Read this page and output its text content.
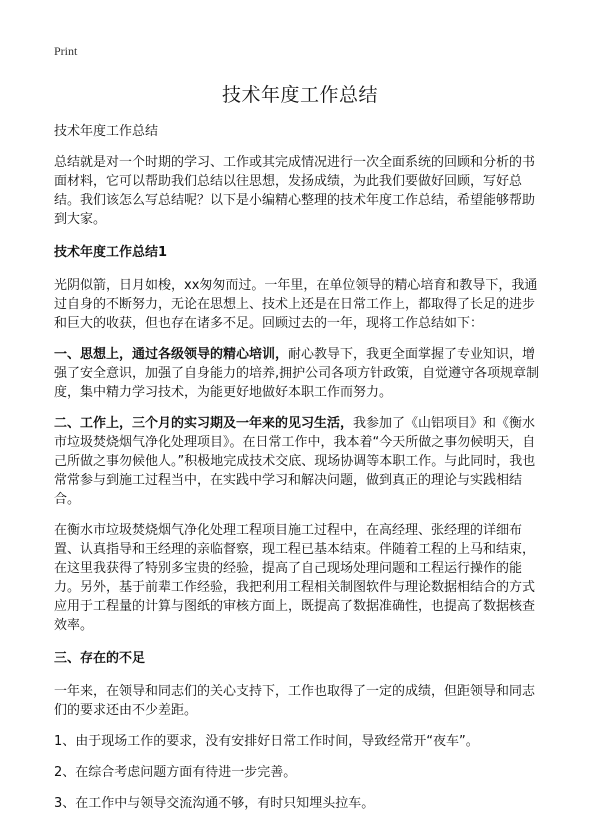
Print
技术年度工作总结

技术年度工作总结

总结就是对一个时期的学习、工作或其完成情况进行一次全面系统的回顾和分析的书面材料，它可以帮助我们总结以往思想，发扬成绩，为此我们要做好回顾，写好总结。我们该怎么写总结呢？以下是小编精心整理的技术年度工作总结，希望能够帮助到大家。

技术年度工作总结1

光阴似箭，日月如梭，xx匆匆而过。一年里，在单位领导的精心培育和教导下，我通过自身的不断努力，无论在思想上、技术上还是在日常工作上，都取得了长足的进步和巨大的收获，但也存在诸多不足。回顾过去的一年，现将工作总结如下：

一、思想上，通过各级领导的精心培训，耐心教导下，我更全面掌握了专业知识，增强了安全意识，加强了自身能力的培养,拥护公司各项方针政策，自觉遵守各项规章制度，集中精力学习技术，为能更好地做好本职工作而努力。

二、工作上，三个月的实习期及一年来的见习生活，我参加了《山铝项目》和《衡水市垃圾焚烧烟气净化处理项目》。在日常工作中，我本着“今天所做之事勿候明天，自己所做之事勿候他人。”积极地完成技术交底、现场协调等本职工作。与此同时，我也常常参与到施工过程当中，在实践中学习和解决问题，做到真正的理论与实践相结合。

在衡水市垃圾焚烧烟气净化处理工程项目施工过程中，在高经理、张经理的详细布置、认真指导和王经理的亲临督察，现工程已基本结束。伴随着工程的上马和结束，在这里我获得了特别多宝贵的经验，提高了自己现场处理问题和工程运行操作的能力。另外，基于前辈工作经验，我把利用工程相关制图软件与理论数据相结合的方式应用于工程量的计算与图纸的审核方面上，既提高了数据准确性，也提高了数据核查效率。

三、存在的不足

一年来，在领导和同志们的关心支持下，工作也取得了一定的成绩，但距领导和同志们的要求还由不少差距。

1、由于现场工作的要求，没有安排好日常工作时间，导致经常开“夜车”。

2、在综合考虑问题方面有待进一步完善。

3、在工作中与领导交流沟通不够，有时只知埋头拉车。
